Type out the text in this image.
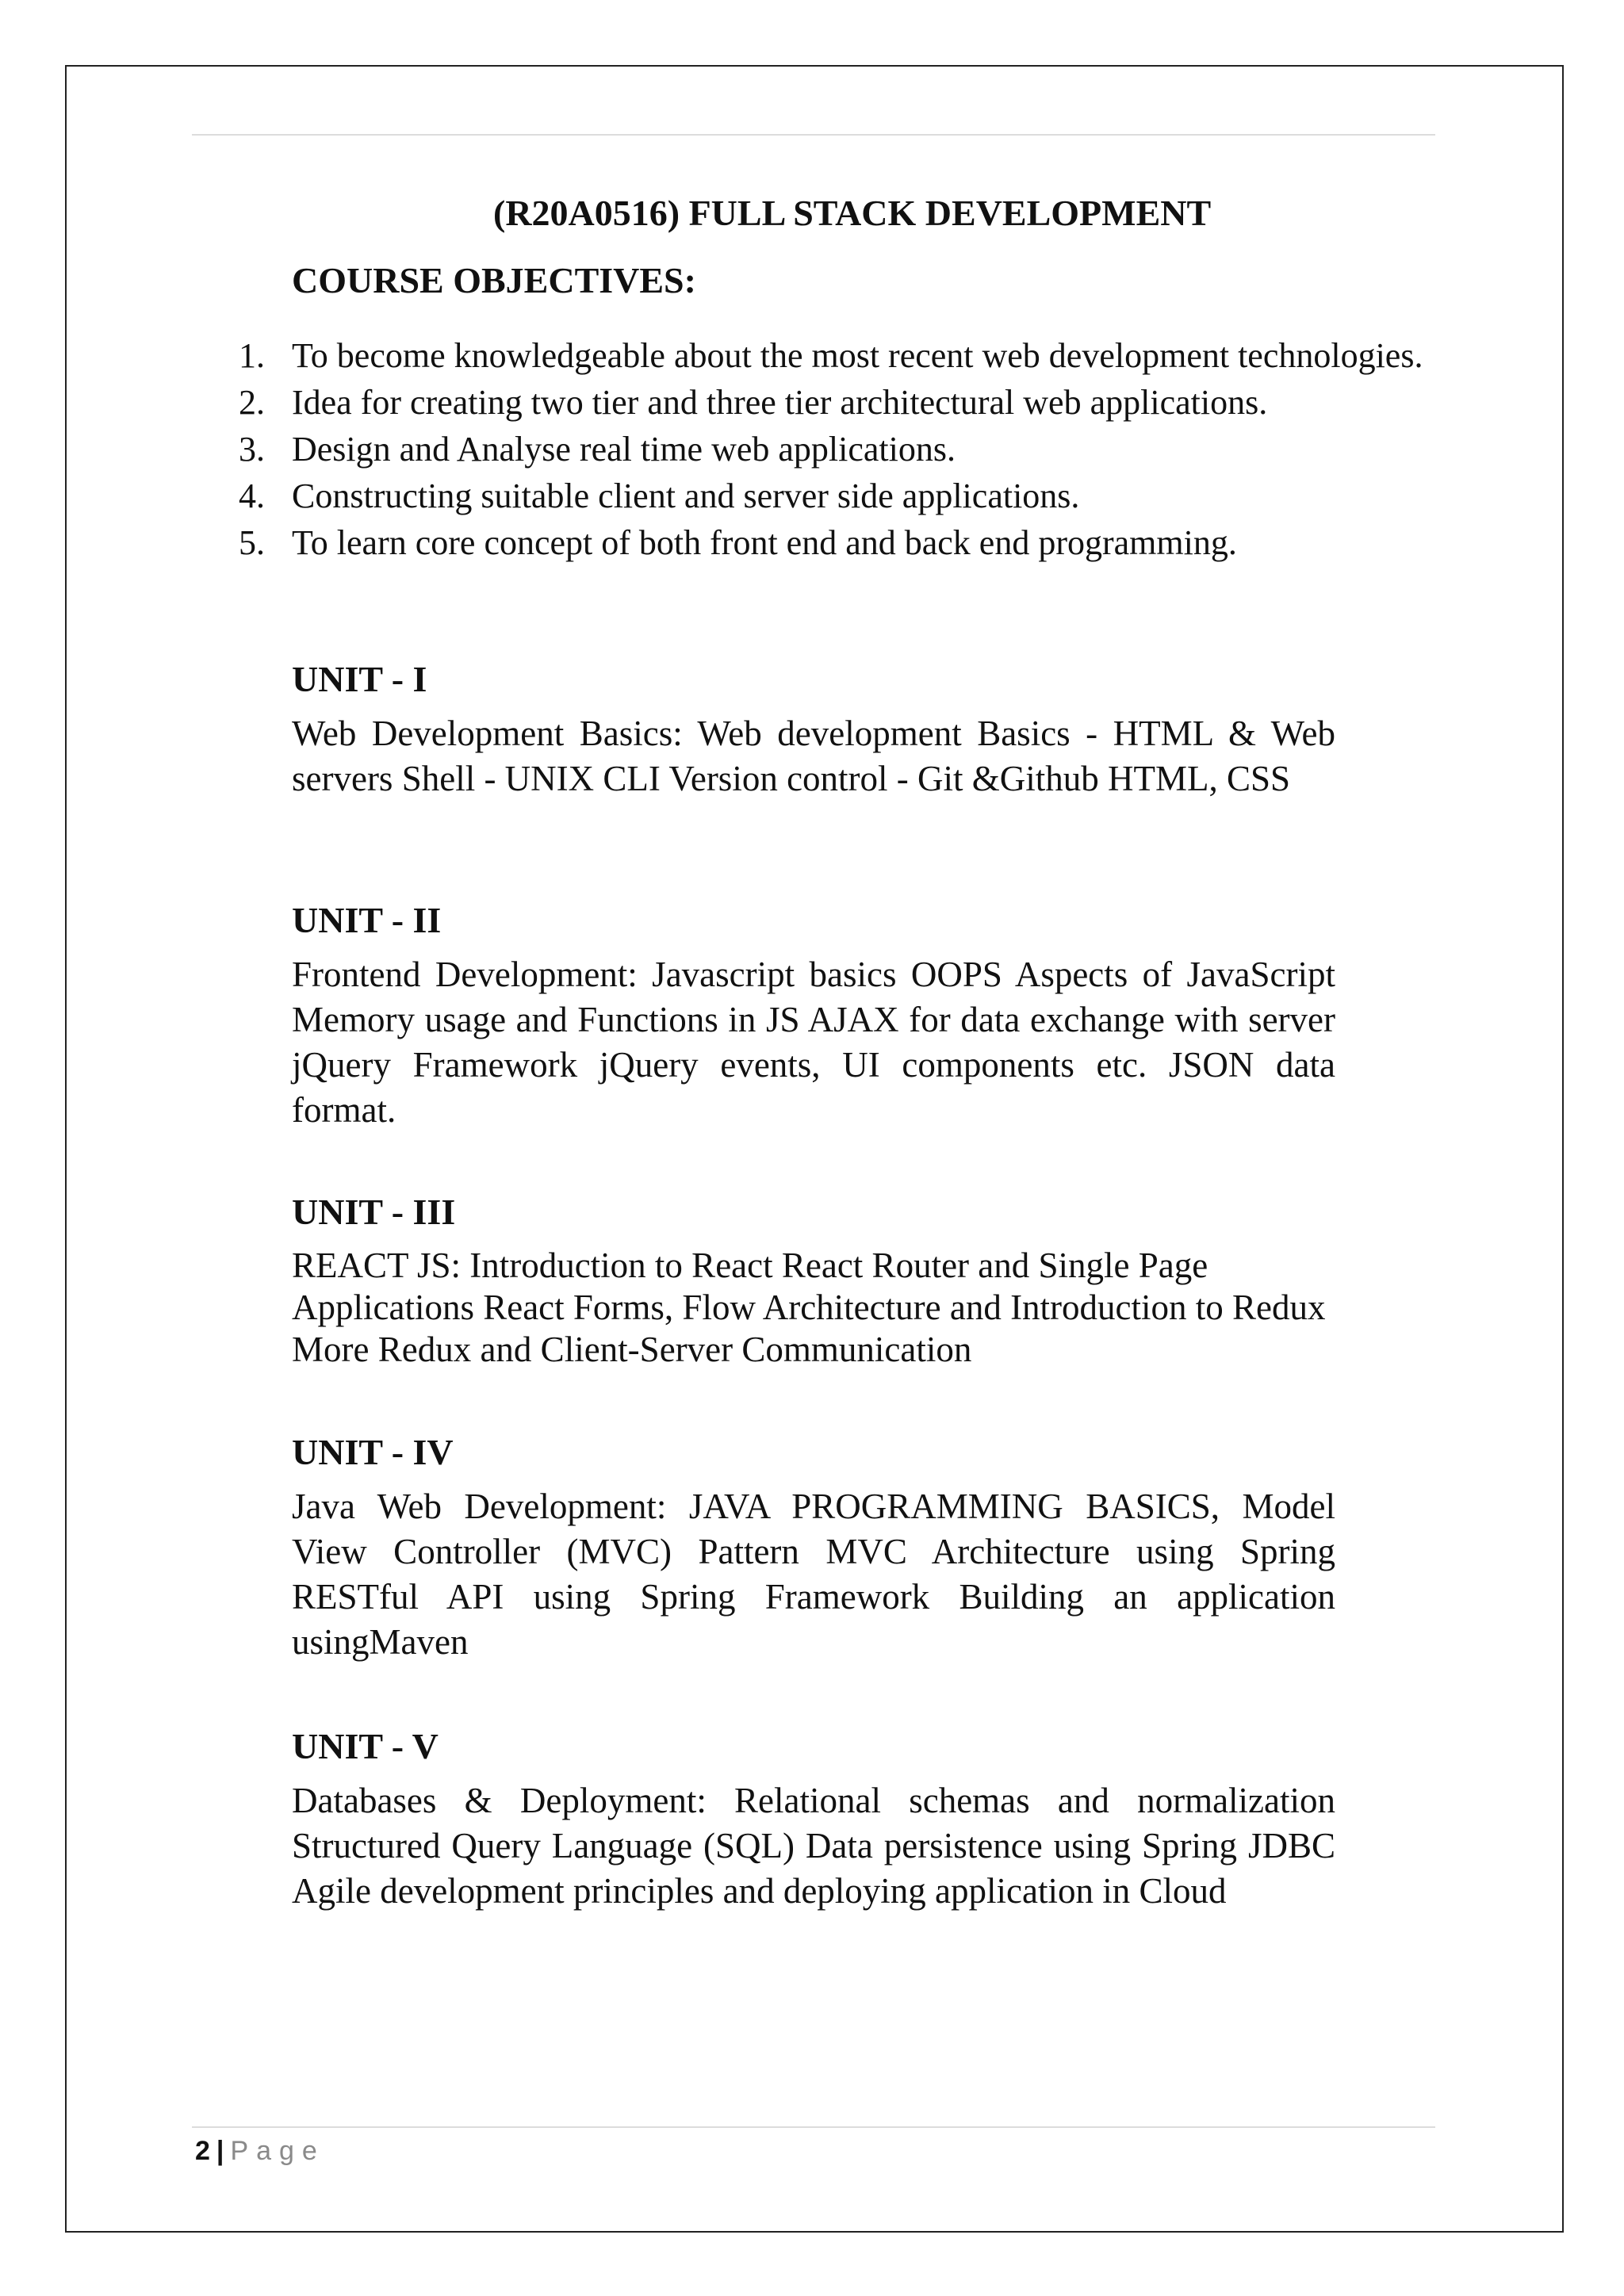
(R20A0516) FULL STACK DEVELOPMENT
COURSE OBJECTIVES:
1. To become knowledgeable about the most recent web development technologies.
2. Idea for creating two tier and three tier architectural web applications.
3. Design and Analyse real time web applications.
4. Constructing suitable client and server side applications.
5. To learn core concept of both front end and back end programming.
UNIT - I
Web Development Basics: Web development Basics - HTML & Web servers Shell - UNIX CLI Version control - Git &Github HTML, CSS
UNIT - II
Frontend Development: Javascript basics OOPS Aspects of JavaScript Memory usage and Functions in JS AJAX for data exchange with server jQuery Framework jQuery events, UI components etc. JSON data format.
UNIT - III
REACT JS: Introduction to React React Router and Single Page Applications React Forms, Flow Architecture and Introduction to Redux More Redux and Client-Server Communication
UNIT - IV
Java Web Development: JAVA PROGRAMMING BASICS, Model View Controller (MVC) Pattern MVC Architecture using Spring RESTful API using Spring Framework Building an application usingMaven
UNIT - V
Databases & Deployment: Relational schemas and normalization Structured Query Language (SQL) Data persistence using Spring JDBC Agile development principles and deploying application in Cloud
2 | Page
